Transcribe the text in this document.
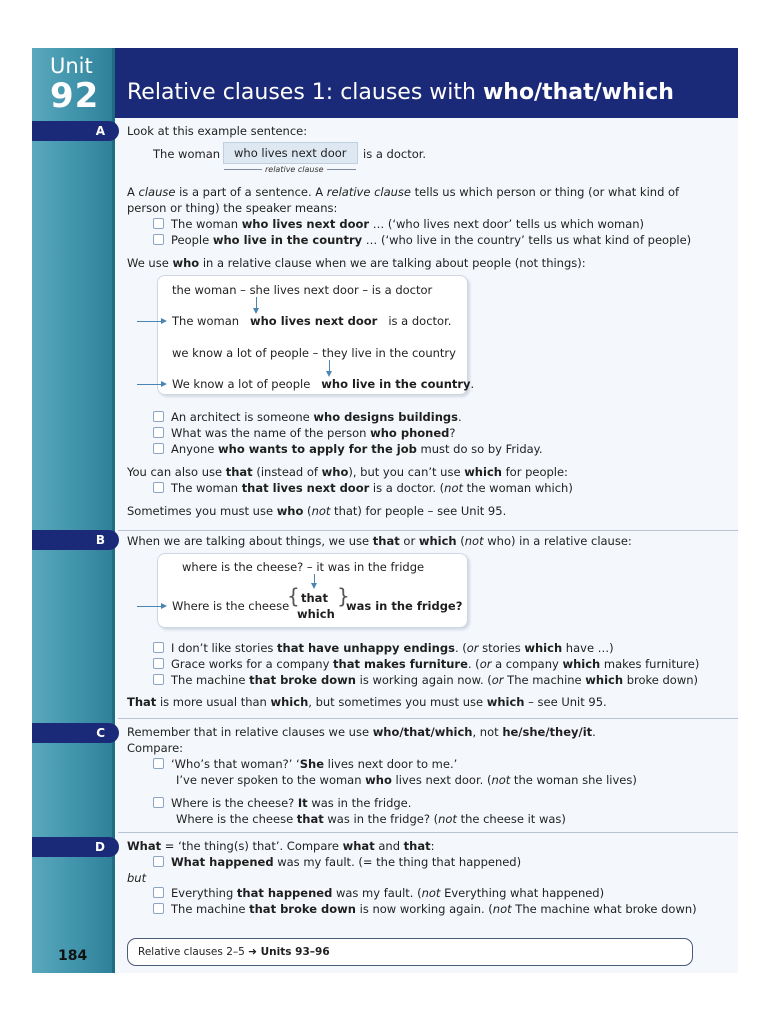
Unit
92 Relative clauses 1: clauses with who/that/which
A
B
C
D
Look at this example sentence:
The woman who lives next door is a doctor.
relative clause
A clause is a part of a sentence. A relative clause tells us which person or thing (or what kind of
person or thing) the speaker means:
The woman who lives next door … (‘who lives next door’ tells us which woman)
People who live in the country … (‘who live in the country’ tells us what kind of people)
We use who in a relative clause when we are talking about people (not things):
the woman – she lives next door – is a doctor
The woman who lives next door is a doctor.
we know a lot of people – they live in the country
We know a lot of people who live in the country.
An architect is someone who designs buildings.
What was the name of the person who phoned?
Anyone who wants to apply for the job must do so by Friday.
You can also use that (instead of who), but you can’t use which for people:
The woman that lives next door is a doctor. (not the woman which)
Sometimes you must use who (not that) for people – see Unit 95.
When we are talking about things, we use that or which (not who) in a relative clause:
where is the cheese? – it was in the fridge
Where is the cheese
{ that
which
}
was in the fridge?
I don’t like stories that have unhappy endings. (or stories which have …)
Grace works for a company that makes furniture. (or a company which makes furniture)
The machine that broke down is working again now. (or The machine which broke down)
That is more usual than which, but sometimes you must use which – see Unit 95.
Remember that in relative clauses we use who/that/which, not he/she/they/it.
Compare:
‘Who’s that woman?’ ‘She lives next door to me.’
I’ve never spoken to the woman who lives next door. (not the woman she lives)
Where is the cheese? It was in the fridge.
Where is the cheese that was in the fridge? (not the cheese it was)
What = ‘the thing(s) that’. Compare what and that:
What happened was my fault. (= the thing that happened)
but
Everything that happened was my fault. (not Everything what happened)
The machine that broke down is now working again. (not The machine what broke down)
184	Relative clauses 2–5 ➜ Units 93–96
